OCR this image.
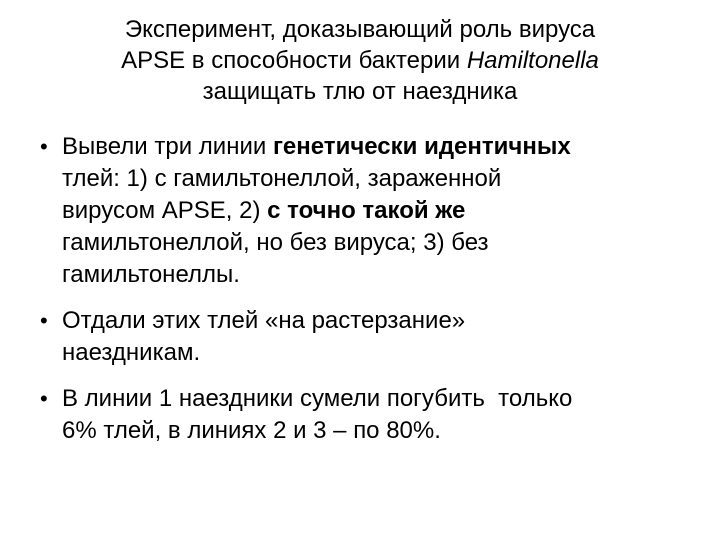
Эксперимент, доказывающий роль вируса
APSE в способности бактерии Hamiltonella
защищать тлю от наездника
• Вывели три линии генетически идентичных
тлей: 1) с гамильтонеллой, зараженной
вирусом APSE, 2) с точно такой же
гамильтонеллой, но без вируса; 3) без
гамильтонеллы.
• Отдали этих тлей «на растерзание»
наездникам.
• В линии 1 наездники сумели погубить  только
6% тлей, в линиях 2 и 3 – по 80%.
